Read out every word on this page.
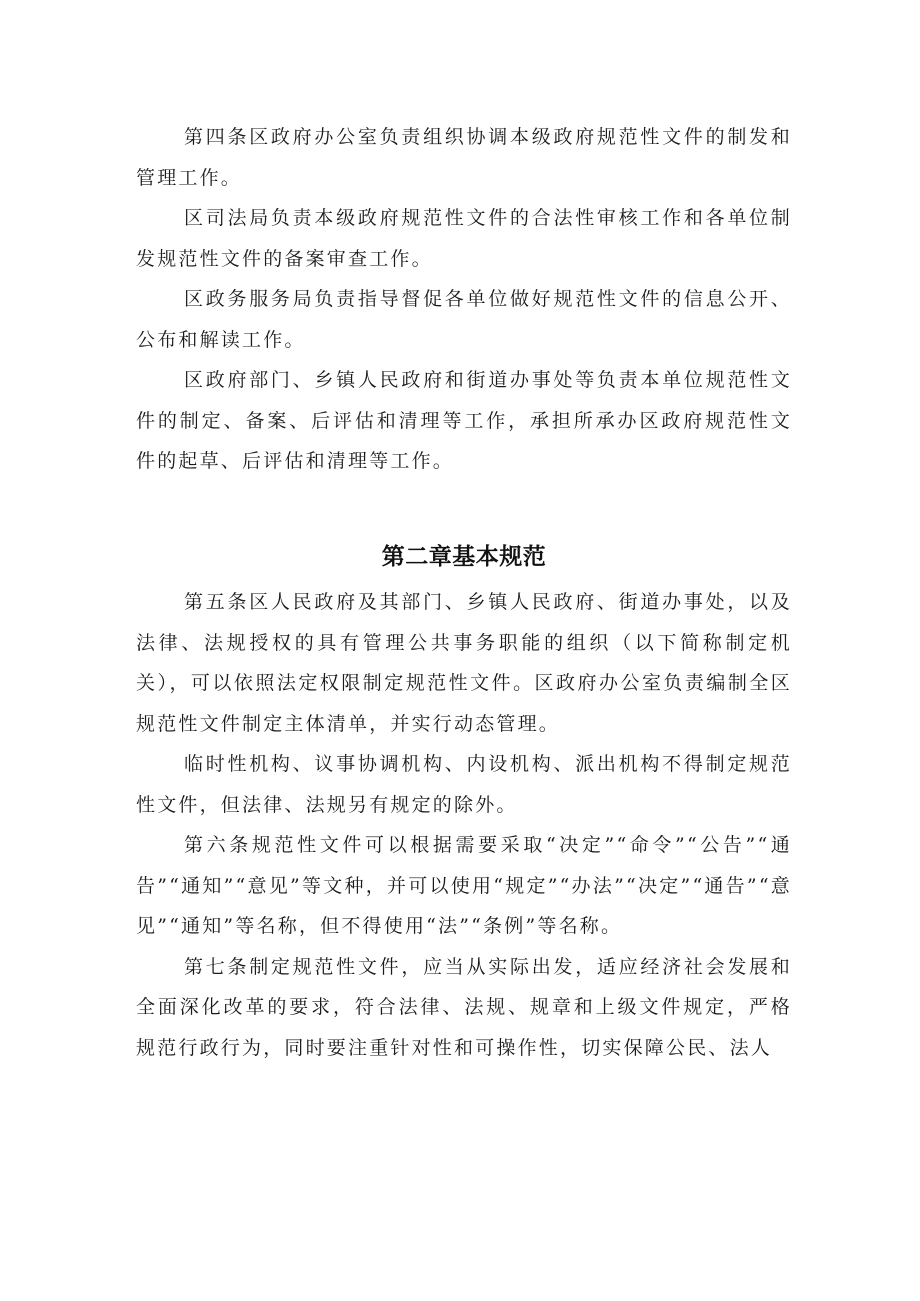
第四条区政府办公室负责组织协调本级政府规范性文件的制发和管理工作。

区司法局负责本级政府规范性文件的合法性审核工作和各单位制发规范性文件的备案审查工作。

区政务服务局负责指导督促各单位做好规范性文件的信息公开、公布和解读工作。

区政府部门、乡镇人民政府和街道办事处等负责本单位规范性文件的制定、备案、后评估和清理等工作，承担所承办区政府规范性文件的起草、后评估和清理等工作。

第二章基本规范

第五条区人民政府及其部门、乡镇人民政府、街道办事处，以及法律、法规授权的具有管理公共事务职能的组织（以下简称制定机关），可以依照法定权限制定规范性文件。区政府办公室负责编制全区规范性文件制定主体清单，并实行动态管理。

临时性机构、议事协调机构、内设机构、派出机构不得制定规范性文件，但法律、法规另有规定的除外。

第六条规范性文件可以根据需要采取“决定”“命令”“公告”“通告”“通知”“意见”等文种，并可以使用“规定”“办法”“决定”“通告”“意见”“通知”等名称，但不得使用“法”“条例”等名称。

第七条制定规范性文件，应当从实际出发，适应经济社会发展和全面深化改革的要求，符合法律、法规、规章和上级文件规定，严格规范行政行为，同时要注重针对性和可操作性，切实保障公民、法人
